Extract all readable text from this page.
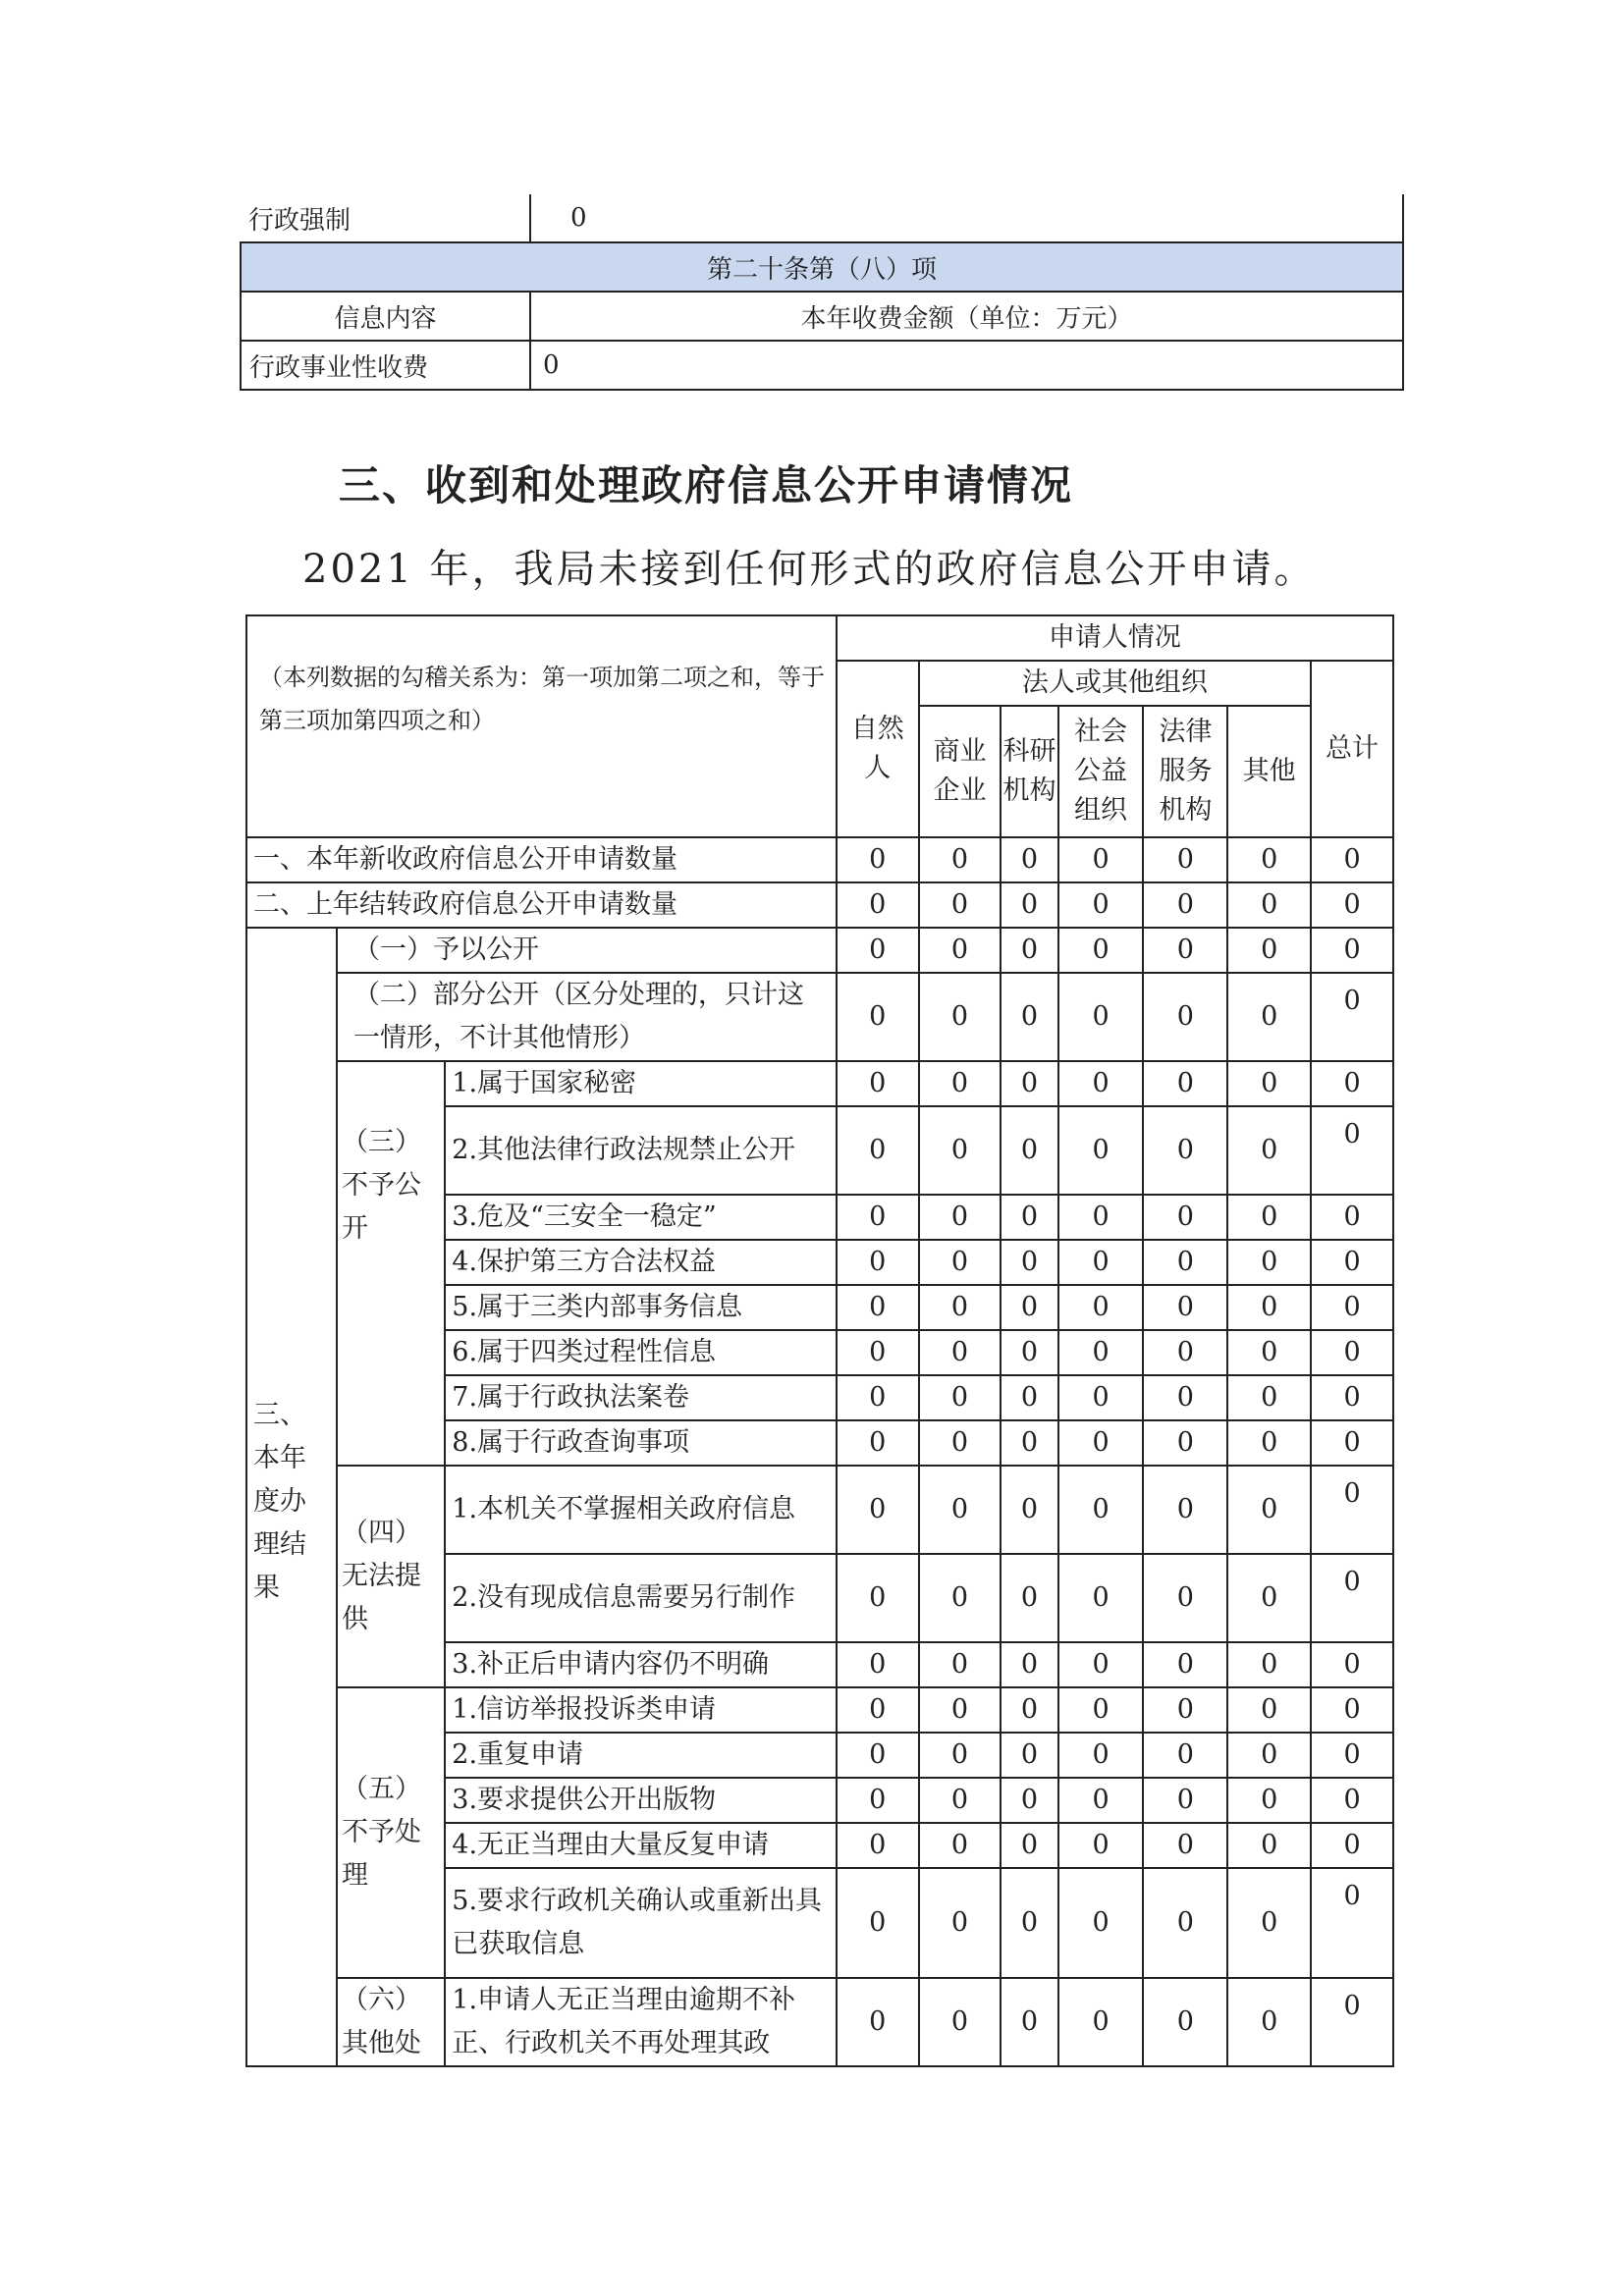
行政强制	0
第二十条第（八）项	
信息内容	本年收费金额（单位：万元）
行政事业性收费	0
三、收到和处理政府信息公开申请情况

2021 年，我局未接到任何形式的政府信息公开申请。

（本列数据的勾稽关系为：第一项加第二项之和，等于第三项加第四项之和）			申请人情况						
			自然人	法人或其他组织					总计
				商业企业	科研机构	社会公益组织	法律服务机构	其他	
一、本年新收政府信息公开申请数量			0	0	0	0	0	0	0
二、上年结转政府信息公开申请数量			0	0	0	0	0	0	0
三、本年度办理结果	（一）予以公开		0	0	0	0	0	0	0
	（二）部分公开（区分处理的，只计这一情形，不计其他情形）		0	0	0	0	0	0	0
	（三）不予公开	1.属于国家秘密	0	0	0	0	0	0	0
		2.其他法律行政法规禁止公开	0	0	0	0	0	0	0
		3.危及“三安全一稳定”	0	0	0	0	0	0	0
		4.保护第三方合法权益	0	0	0	0	0	0	0
		5.属于三类内部事务信息	0	0	0	0	0	0	0
		6.属于四类过程性信息	0	0	0	0	0	0	0
		7.属于行政执法案卷	0	0	0	0	0	0	0
		8.属于行政查询事项	0	0	0	0	0	0	0

	（四）无法提供	1.本机关不掌握相关政府信息	0	0	0	0	0	0	0
		2.没有现成信息需要另行制作	0	0	0	0	0	0	0
		3.补正后申请内容仍不明确	0	0	0	0	0	0	0
	（五）不予处理	1.信访举报投诉类申请	0	0	0	0	0	0	0
		2.重复申请	0	0	0	0	0	0	0
		3.要求提供公开出版物	0	0	0	0	0	0	0
		4.无正当理由大量反复申请	0	0	0	0	0	0	0
		5.要求行政机关确认或重新出具已获取信息	0	0	0	0	0	0	0
	（六）其他处	1.申请人无正当理由逾期不补正、行政机关不再处理其政	0	0	0	0	0	0	0
